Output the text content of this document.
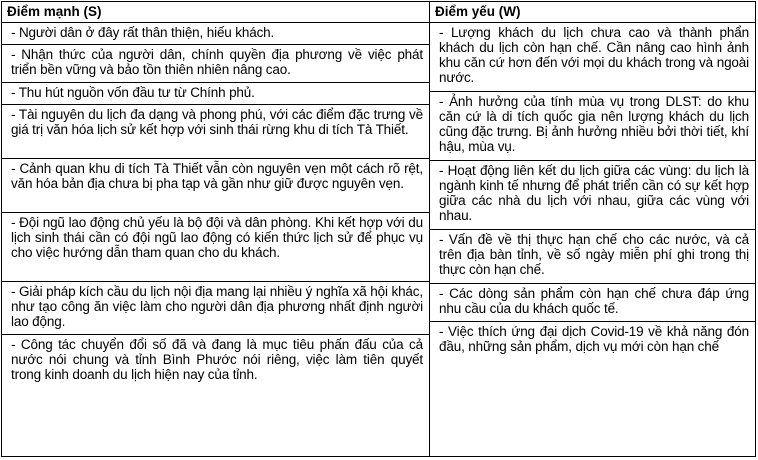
Điểm mạnh (S)
- Người dân ở đây rất thân thiện, hiếu khách.
- Nhận thức của người dân, chính quyền địa phương về việc phát triển bền vững và bảo tồn thiên nhiên nâng cao.
- Thu hút nguồn vốn đầu tư từ Chính phủ.
- Tài nguyên du lịch đa dạng và phong phú, với các điểm đặc trưng về giá trị văn hóa lịch sử kết hợp với sinh thái rừng khu di tích Tà Thiết.
- Cảnh quan khu di tích Tà Thiết vẫn còn nguyên vẹn một cách rõ rệt, văn hóa bản địa chưa bị pha tạp và gần như giữ được nguyên vẹn.
- Đội ngũ lao động chủ yếu là bộ đội và dân phòng. Khi kết hợp với du lịch sinh thái cần có đội ngũ lao động có kiến thức lịch sử để phục vụ cho việc hướng dẫn tham quan cho du khách.
- Giải pháp kích cầu du lịch nội địa mang lại nhiều ý nghĩa xã hội khác, như tạo công ăn việc làm cho người dân địa phương nhất định người lao động.
- Công tác chuyển đổi số đã và đang là mục tiêu phấn đấu của cả nước nói chung và tỉnh Bình Phước nói riêng, việc làm tiên quyết trong kinh doanh du lịch hiện nay của tỉnh.
Điểm yếu (W)
- Lượng khách du lịch chưa cao và thành phẩn khách du lịch còn hạn chế. Cần nâng cao hình ảnh khu căn cứ hơn đến với mọi du khách trong và ngoài nước.
- Ảnh hưởng của tính mùa vụ trong DLST: do khu căn cứ là di tích quốc gia nên lượng khách du lịch cũng đặc trưng. Bị ảnh hưởng nhiều bởi thời tiết, khí hậu, mùa vụ.
- Hoạt động liên kết du lịch giữa các vùng: du lịch là ngành kinh tế nhưng để phát triển cần có sự kết hợp giữa các nhà du lịch với nhau, giữa các vùng với nhau.
- Vấn đề về thị thực hạn chế cho các nước, và cả trên địa bàn tỉnh, về số ngày miễn phí ghi trong thị thực còn hạn chế.
- Các dòng sản phẩm còn hạn chế chưa đáp ứng nhu cầu của du khách quốc tế.
- Việc thích ứng đại dịch Covid-19 về khả năng đón đầu, những sản phẩm, dịch vụ mới còn hạn chế
